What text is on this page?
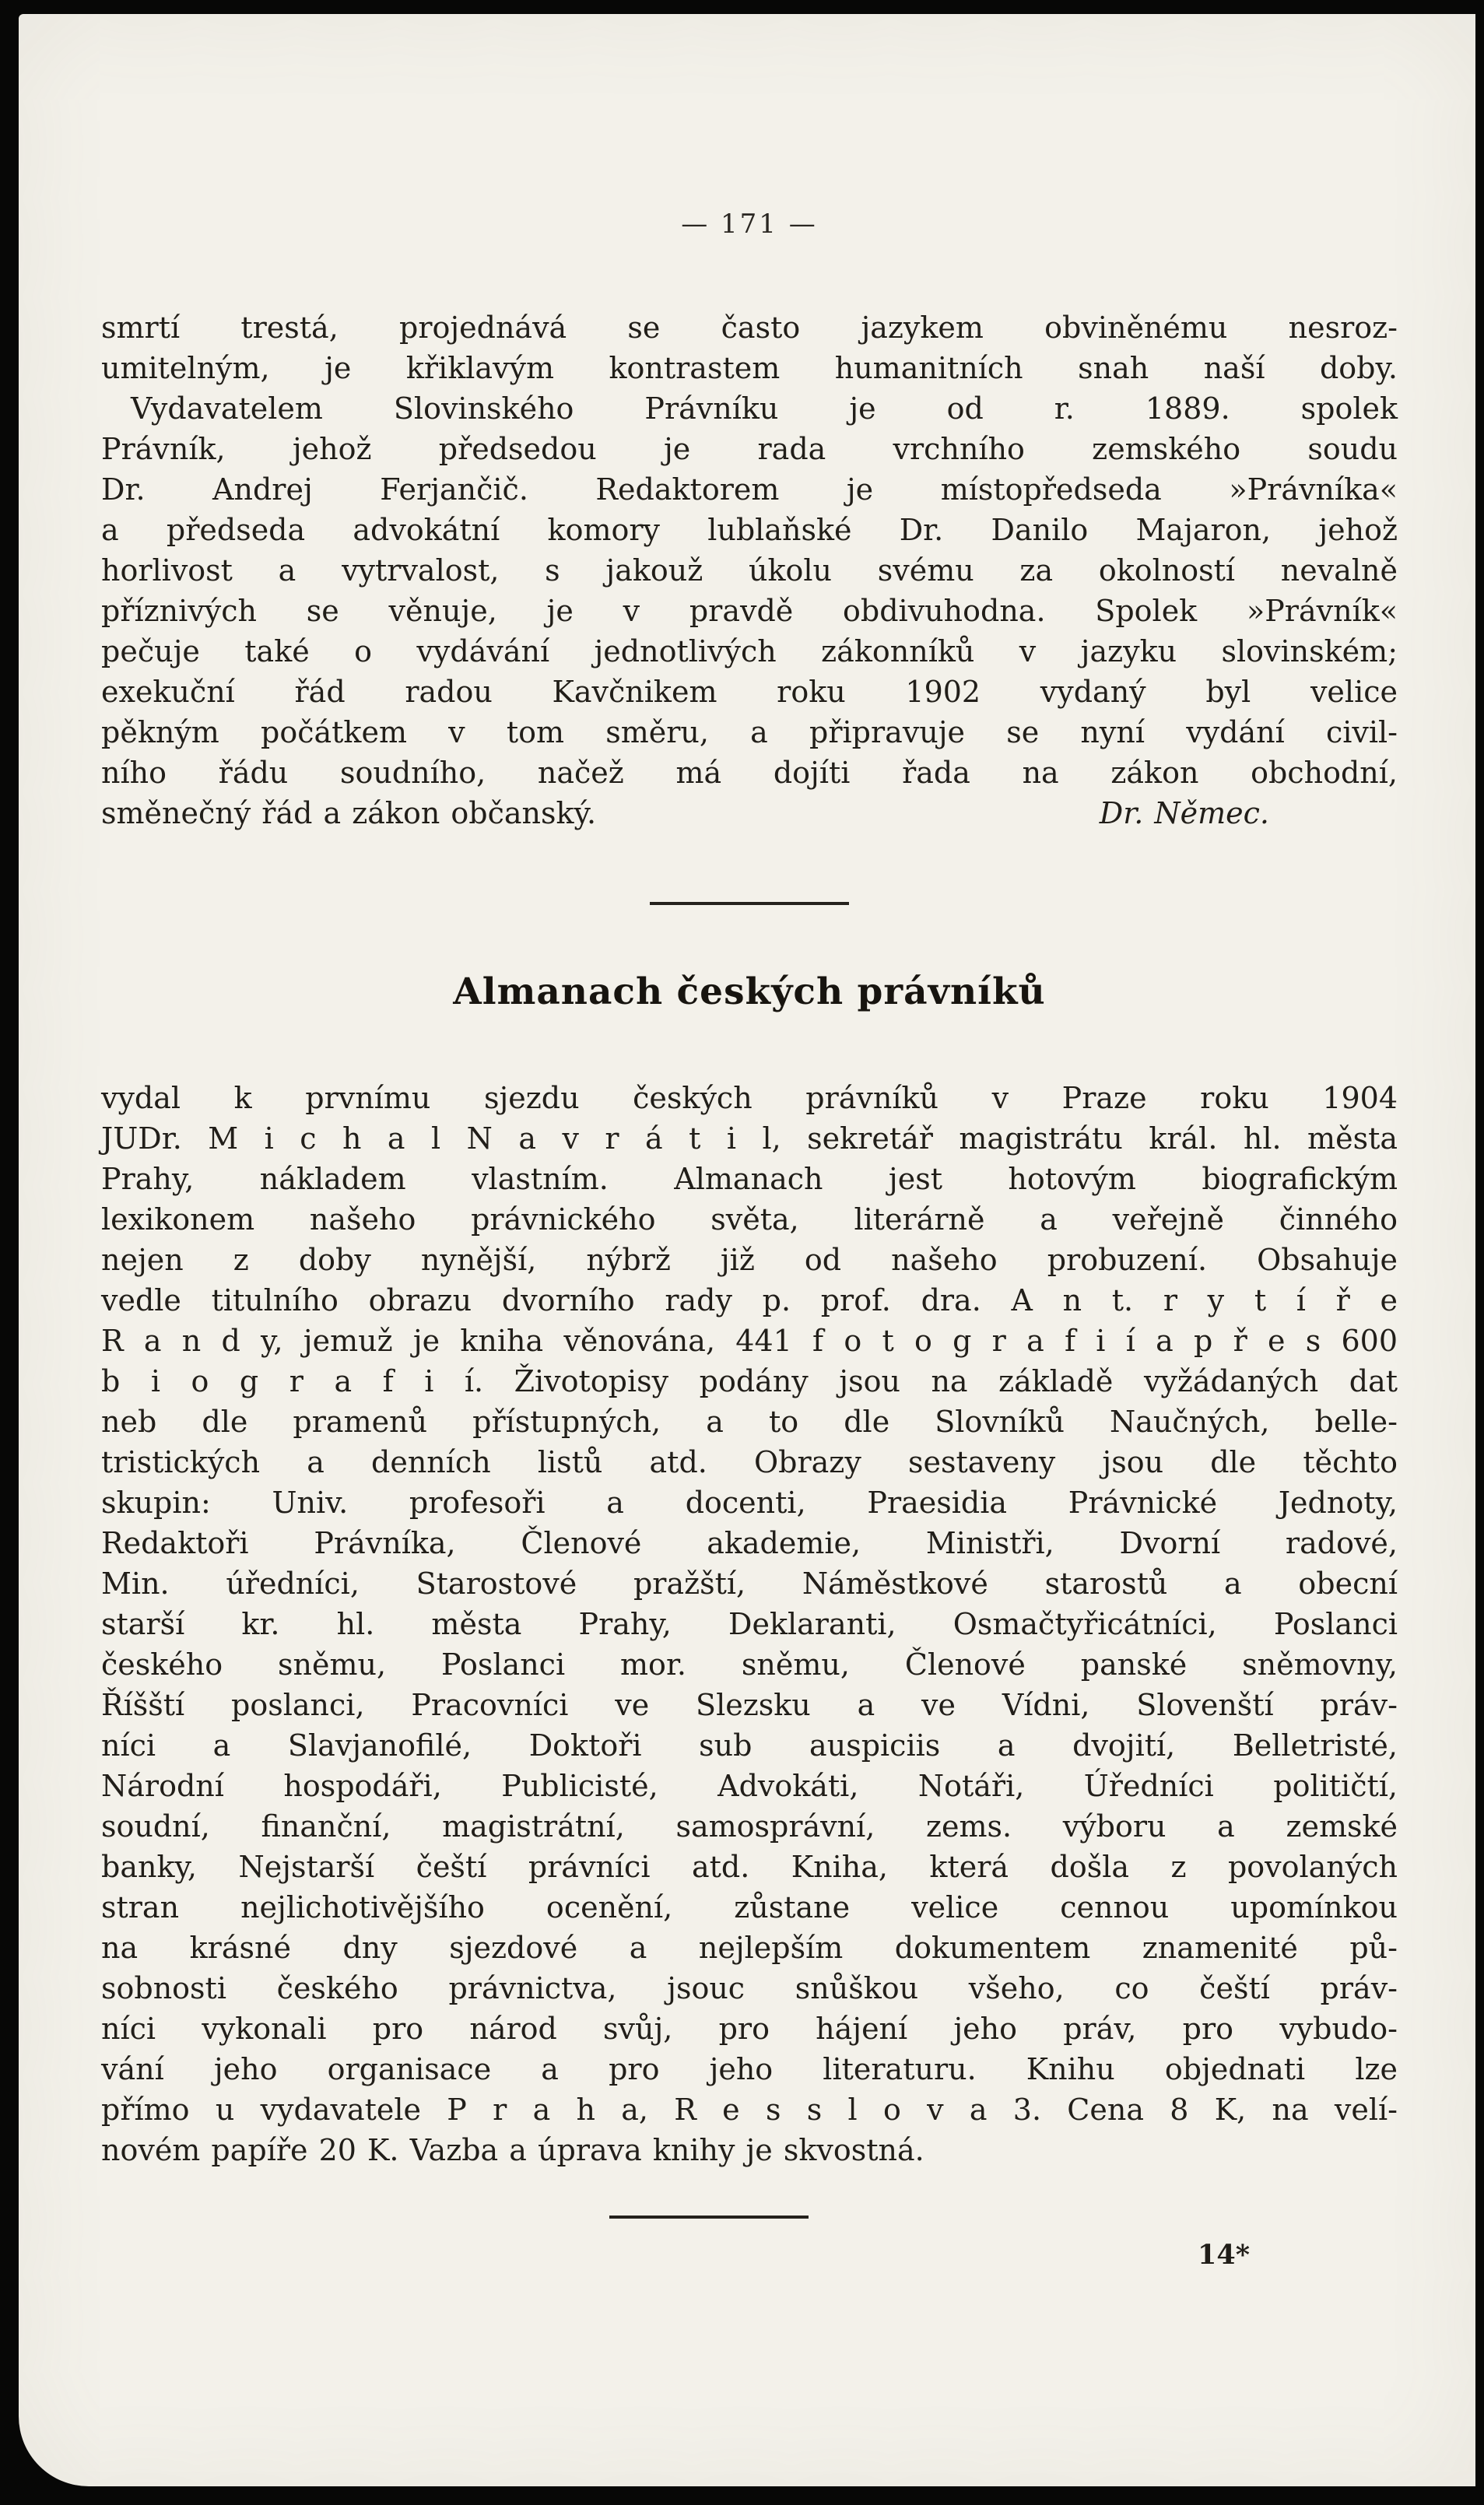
— 171 —
smrtí trestá, projednává se často jazykem obviněnému nesroz-
umitelným, je křiklavým kontrastem humanitních snah naší doby.
 Vydavatelem Slovinského Právníku je od r. 1889. spolek
Právník, jehož předsedou je rada vrchního zemského soudu
Dr. Andrej Ferjančič. Redaktorem je místopředseda »Právníka«
a předseda advokátní komory lublaňské Dr. Danilo Majaron, jehož
horlivost a vytrvalost, s jakouž úkolu svému za okolností nevalně
příznivých se věnuje, je v pravdě obdivuhodna. Spolek »Právník«
pečuje také o vydávání jednotlivých zákonníků v jazyku slovinském;
exekuční řád radou Kavčnikem roku 1902 vydaný byl velice
pěkným počátkem v tom směru, a připravuje se nyní vydání civil-
ního řádu soudního, načež má dojíti řada na zákon obchodní,
směnečný řád a zákon občanský.	Dr. Němec.
Almanach českých právníků
vydal k prvnímu sjezdu českých právníků v Praze roku 1904
JUDr. M i c h a l N a v r á t i l, sekretář magistrátu král. hl. města
Prahy, nákladem vlastním. Almanach jest hotovým biografickým
lexikonem našeho právnického světa, literárně a veřejně činného
nejen z doby nynější, nýbrž již od našeho probuzení. Obsahuje
vedle titulního obrazu dvorního rady p. prof. dra. A n t. r y t í ř e
R a n d y, jemuž je kniha věnována, 441 f o t o g r a f i í a p ř e s 600
b i o g r a f i í. Životopisy podány jsou na základě vyžádaných dat
neb dle pramenů přístupných, a to dle Slovníků Naučných, belle-
tristických a denních listů atd. Obrazy sestaveny jsou dle těchto
skupin: Univ. profesoři a docenti, Praesidia Právnické Jednoty,
Redaktoři Právníka, Členové akademie, Ministři, Dvorní radové,
Min. úředníci, Starostové pražští, Náměstkové starostů a obecní
starší kr. hl. města Prahy, Deklaranti, Osmačtyřicátníci, Poslanci
českého sněmu, Poslanci mor. sněmu, Členové panské sněmovny,
Říšští poslanci, Pracovníci ve Slezsku a ve Vídni, Slovenští práv-
níci a Slavjanofilé, Doktoři sub auspiciis a dvojití, Belletristé,
Národní hospodáři, Publicisté, Advokáti, Notáři, Úředníci političtí,
soudní, finanční, magistrátní, samosprávní, zems. výboru a zemské
banky, Nejstarší čeští právníci atd. Kniha, která došla z povolaných
stran nejlichotivějšího ocenění, zůstane velice cennou upomínkou
na krásné dny sjezdové a nejlepším dokumentem znamenité pů-
sobnosti českého právnictva, jsouc snůškou všeho, co čeští práv-
níci vykonali pro národ svůj, pro hájení jeho práv, pro vybudo-
vání jeho organisace a pro jeho literaturu. Knihu objednati lze
přímo u vydavatele P r a h a, R e s s l o v a 3. Cena 8 K, na velí-
novém papíře 20 K. Vazba a úprava knihy je skvostná.
14*
